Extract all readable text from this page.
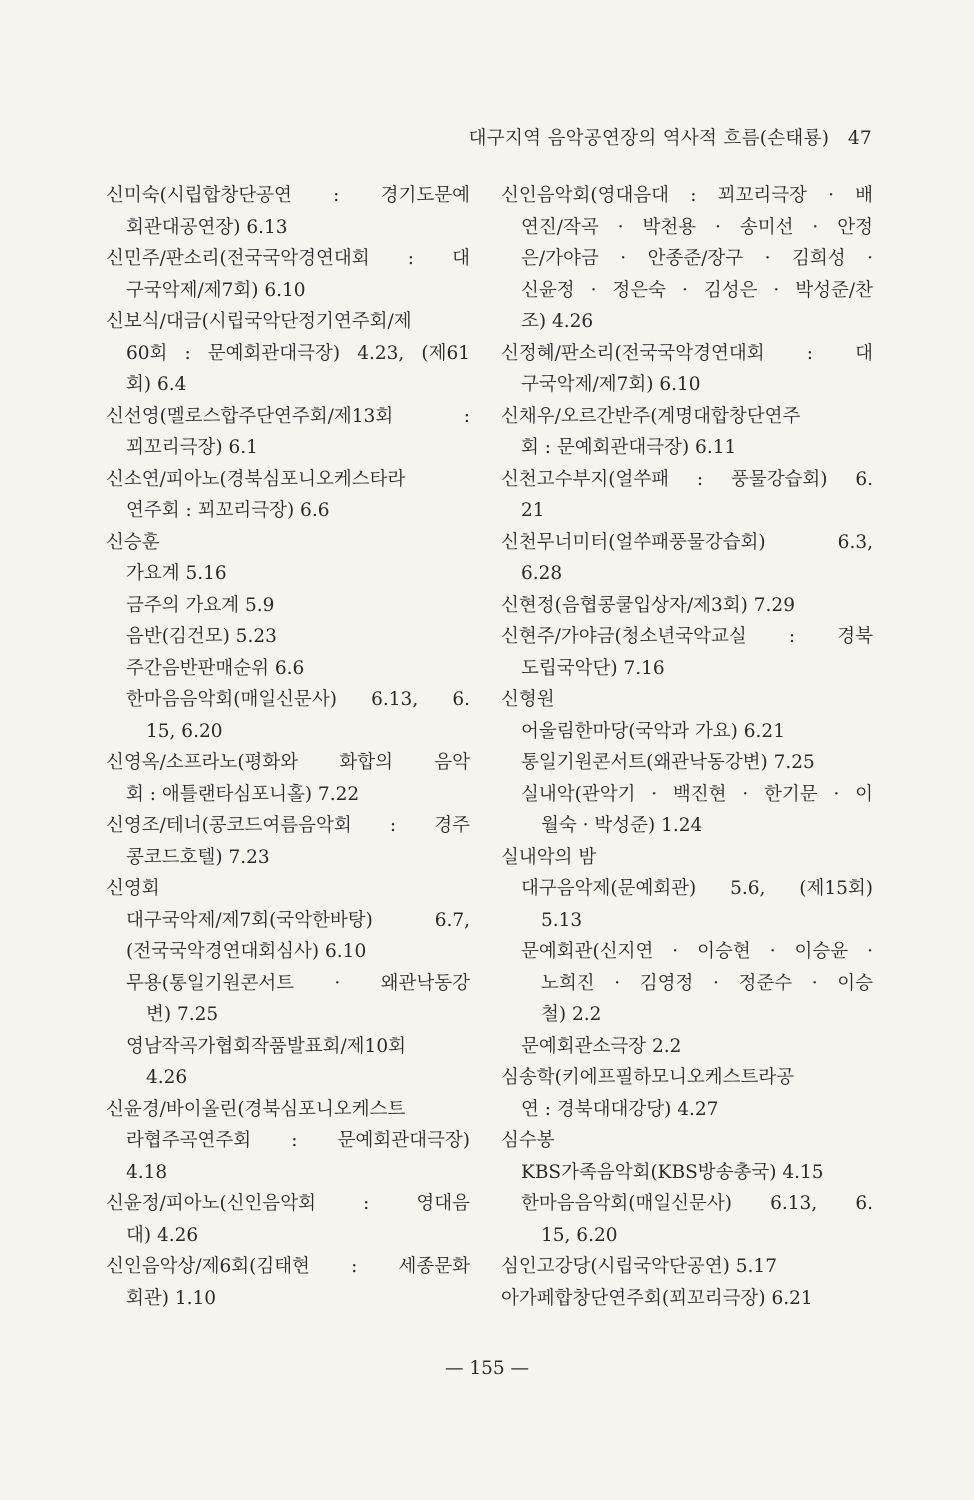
대구지역 음악공연장의 역사적 흐름(손태룡) 47
신미숙(시립합창단공연 : 경기도문예
회관대공연장) 6.13
신민주/판소리(전국국악경연대회 : 대
구국악제/제7회) 6.10
신보식/대금(시립국악단정기연주회/제
60회 : 문예회관대극장) 4.23, (제61
회) 6.4
신선영(멜로스합주단연주회/제13회 :
꾀꼬리극장) 6.1
신소연/피아노(경북심포니오케스타라
연주회 : 꾀꼬리극장) 6.6
신승훈
가요계 5.16
금주의 가요계 5.9
음반(김건모) 5.23
주간음반판매순위 6.6
한마음음악회(매일신문사) 6.13, 6.
15, 6.20
신영옥/소프라노(평화와 화합의 음악
회 : 애틀랜타심포니홀) 7.22
신영조/테너(콩코드여름음악회 : 경주
콩코드호텔) 7.23
신영회
대구국악제/제7회(국악한바탕) 6.7,
(전국국악경연대회심사) 6.10
무용(통일기원콘서트 · 왜관낙동강
변) 7.25
영남작곡가협회작품발표회/제10회
4.26
신윤경/바이올린(경북심포니오케스트
라협주곡연주회 : 문예회관대극장)
4.18
신윤정/피아노(신인음악회 : 영대음
대) 4.26
신인음악상/제6회(김태현 : 세종문화
회관) 1.10
신인음악회(영대음대 : 꾀꼬리극장 · 배
연진/작곡 · 박천용 · 송미선 · 안정
은/가야금 · 안종준/장구 · 김희성 ·
신윤정 · 정은숙 · 김성은 · 박성준/찬
조) 4.26
신정혜/판소리(전국국악경연대회 : 대
구국악제/제7회) 6.10
신채우/오르간반주(계명대합창단연주
회 : 문예회관대극장) 6.11
신천고수부지(얼쑤패 : 풍물강습회) 6.
21
신천무너미터(얼쑤패풍물강습회) 6.3,
6.28
신현정(음협콩쿨입상자/제3회) 7.29
신현주/가야금(청소년국악교실 : 경북
도립국악단) 7.16
신형원
어울림한마당(국악과 가요) 6.21
통일기원콘서트(왜관낙동강변) 7.25
실내악(관악기 · 백진현 · 한기문 · 이
월숙 · 박성준) 1.24
실내악의 밤
대구음악제(문예회관) 5.6, (제15회)
5.13
문예회관(신지연 · 이승현 · 이승윤 ·
노희진 · 김영정 · 정준수 · 이승
철) 2.2
문예회관소극장 2.2
심송학(키에프필하모니오케스트라공
연 : 경북대대강당) 4.27
심수봉
KBS가족음악회(KBS방송총국) 4.15
한마음음악회(매일신문사) 6.13, 6.
15, 6.20
심인고강당(시립국악단공연) 5.17
아가페합창단연주회(꾀꼬리극장) 6.21
— 155 —
